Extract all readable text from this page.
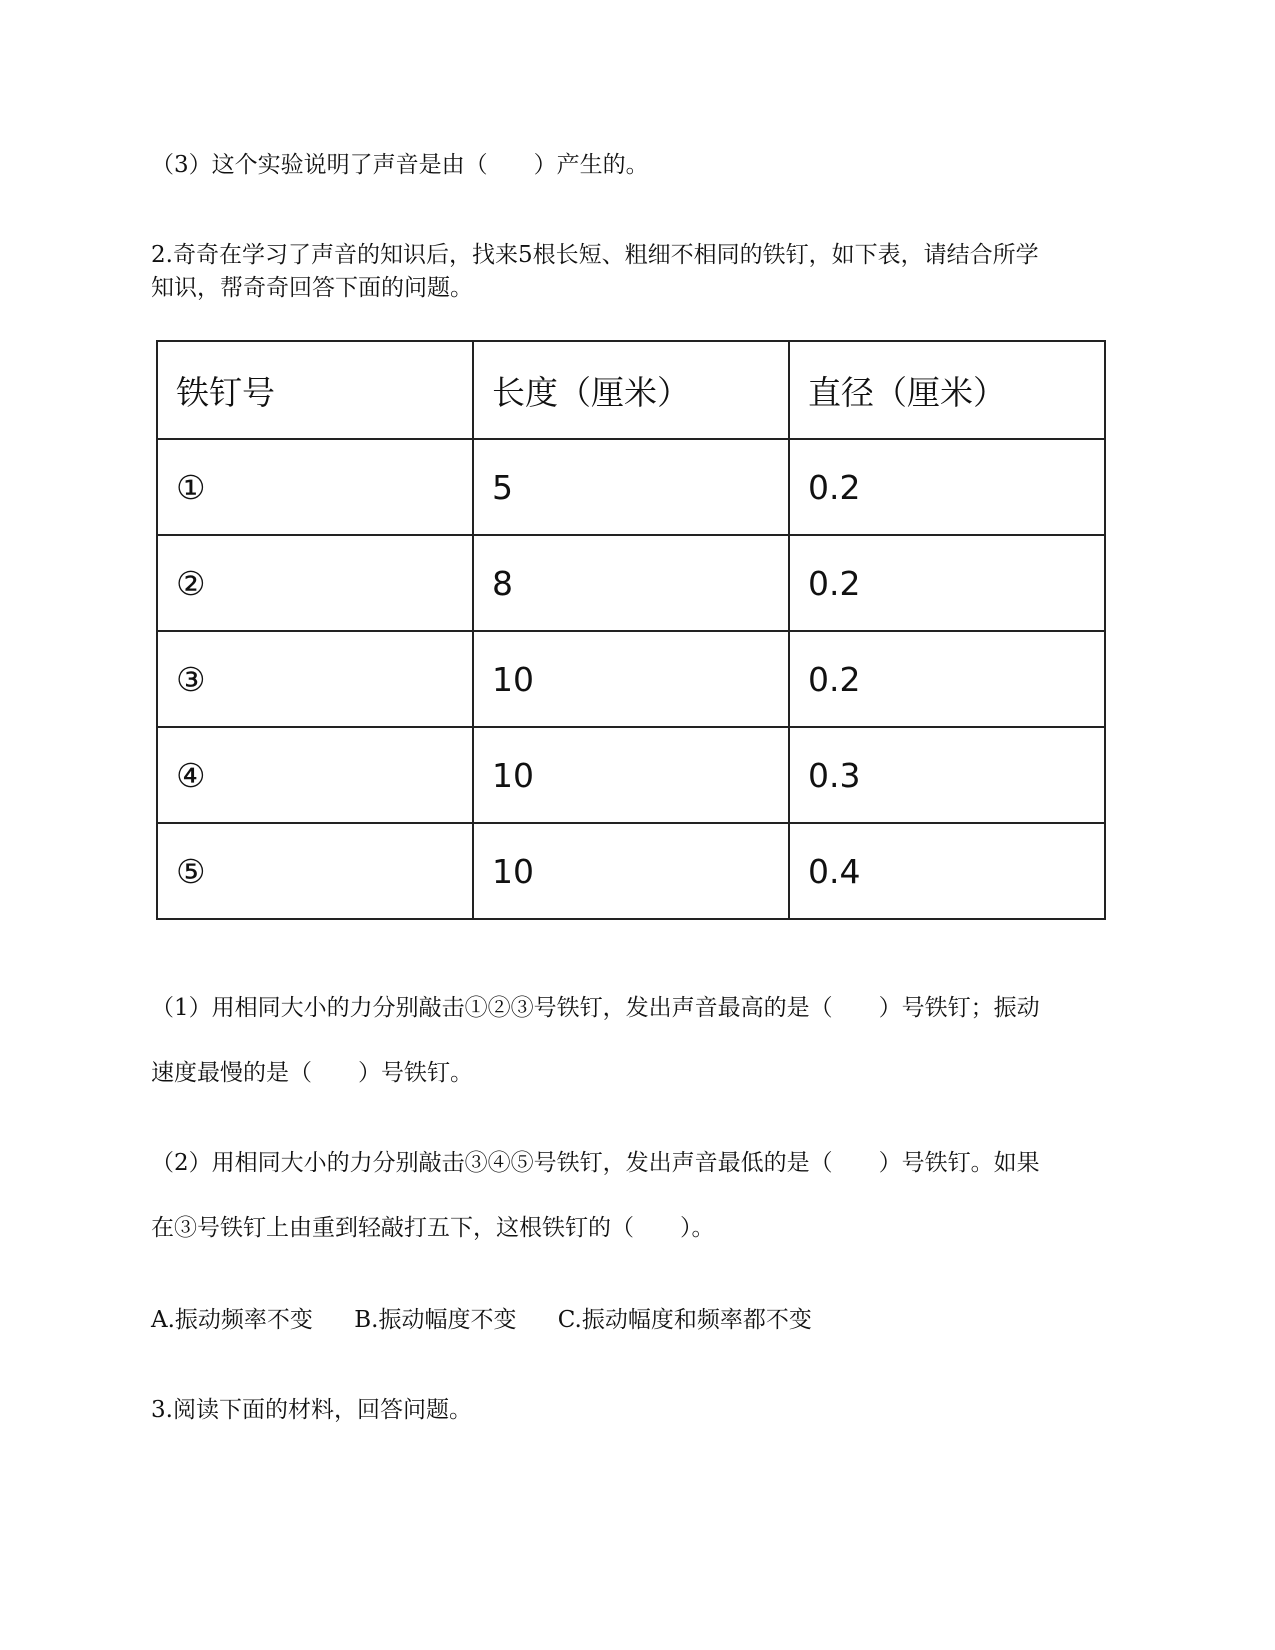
（3）这个实验说明了声音是由（　　）产生的。
2.奇奇在学习了声音的知识后，找来5根长短、粗细不相同的铁钉，如下表，请结合所学
知识，帮奇奇回答下面的问题。
铁钉号	长度（厘米）	直径（厘米）
①	5	0.2
②	8	0.2
③	10	0.2
④	10	0.3
⑤	10	0.4
（1）用相同大小的力分别敲击①②③号铁钉，发出声音最高的是（　　）号铁钉；振动
速度最慢的是（　　）号铁钉。
（2）用相同大小的力分别敲击③④⑤号铁钉，发出声音最低的是（　　）号铁钉。如果
在③号铁钉上由重到轻敲打五下，这根铁钉的（　　）。
A.振动频率不变 B.振动幅度不变 C.振动幅度和频率都不变
3.阅读下面的材料，回答问题。
